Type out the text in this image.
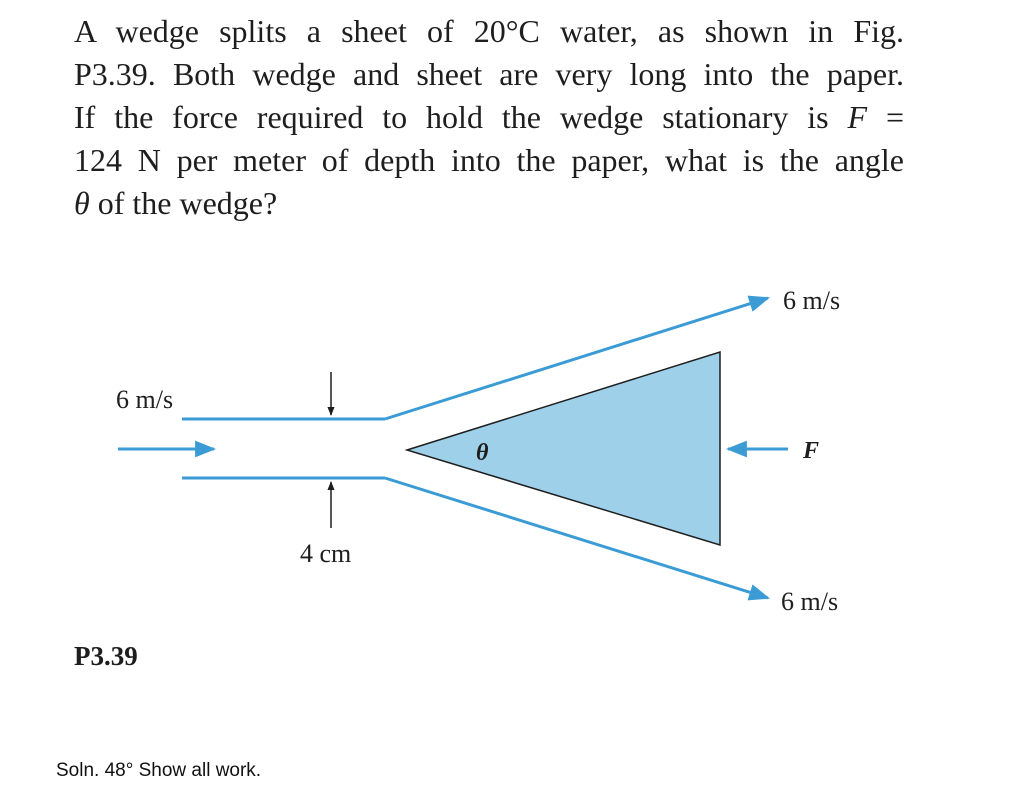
A wedge splits a sheet of 20°C water, as shown in Fig.
P3.39. Both wedge and sheet are very long into the paper.
If the force required to hold the wedge stationary is F =
124 N per meter of depth into the paper, what is the angle
θ of the wedge?
6 m/s
6 m/s
F
θ
4 cm
6 m/s
P3.39
Soln. 48° Show all work.
